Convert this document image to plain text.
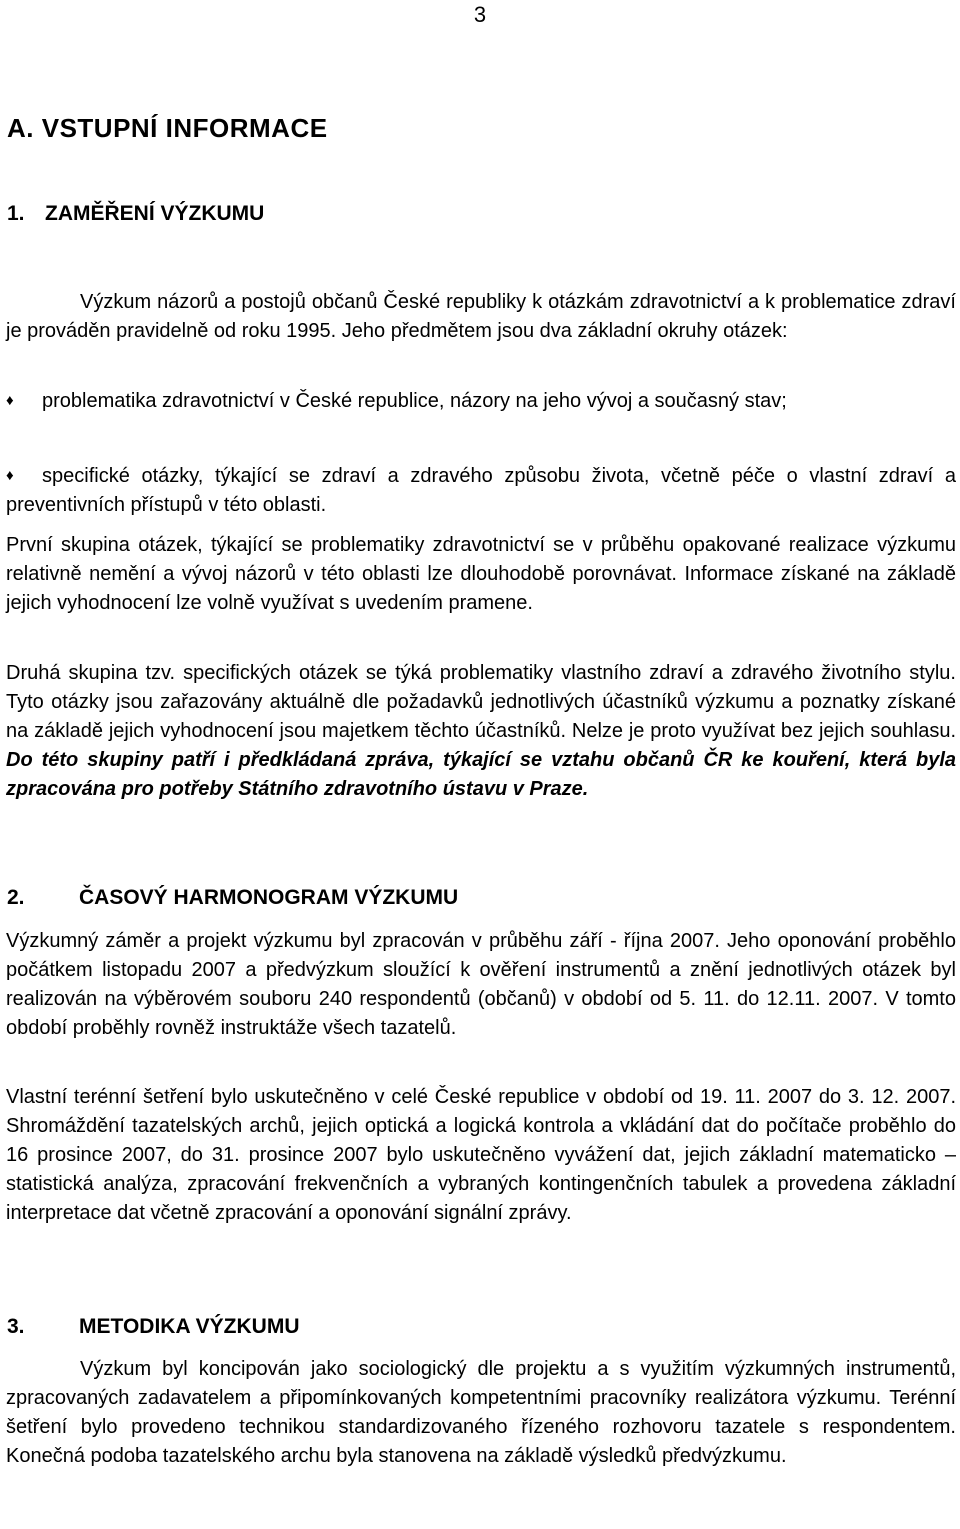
3
A. VSTUPNÍ INFORMACE
1. ZAMĚŘENÍ VÝZKUMU

Výzkum názorů a postojů občanů České republiky k otázkám zdravotnictví a k problematice zdraví je prováděn pravidelně od roku 1995. Jeho předmětem jsou dva základní okruhy otázek:

♦ problematika zdravotnictví v České republice, názory na jeho vývoj a současný stav;

♦ specifické otázky, týkající se zdraví a zdravého způsobu života, včetně péče o vlastní zdraví a preventivních přístupů v této oblasti.

První skupina otázek, týkající se problematiky zdravotnictví se v průběhu opakované realizace výzkumu relativně nemění a vývoj názorů v této oblasti lze dlouhodobě porovnávat. Informace získané na základě jejich vyhodnocení lze volně využívat s uvedením pramene.

Druhá skupina tzv. specifických otázek se týká problematiky vlastního zdraví a zdravého životního stylu. Tyto otázky jsou zařazovány aktuálně dle požadavků jednotlivých účastníků výzkumu a poznatky získané na základě jejich vyhodnocení jsou majetkem těchto účastníků. Nelze je proto využívat bez jejich souhlasu. Do této skupiny patří i předkládaná zpráva, týkající se vztahu občanů ČR ke kouření, která byla zpracována pro potřeby Státního zdravotního ústavu v Praze.

2.	ČASOVÝ HARMONOGRAM VÝZKUMU

Výzkumný záměr a projekt výzkumu byl zpracován v průběhu září - října 2007. Jeho oponování proběhlo počátkem listopadu 2007 a předvýzkum sloužící k ověření instrumentů a znění jednotlivých otázek byl realizován na výběrovém souboru 240 respondentů (občanů) v období od 5. 11. do 12.11. 2007. V tomto období proběhly rovněž instruktáže všech tazatelů.

Vlastní terénní šetření bylo uskutečněno v celé České republice v období od 19. 11. 2007 do 3. 12. 2007. Shromáždění tazatelských archů, jejich optická a logická kontrola a vkládání dat do počítače proběhlo do 16 prosince 2007, do 31. prosince 2007 bylo uskutečněno vyvážení dat, jejich základní matematicko – statistická analýza, zpracování frekvenčních a vybraných kontingenčních tabulek a provedena základní interpretace dat včetně zpracování a oponování signální zprávy.

3.	METODIKA VÝZKUMU

Výzkum byl koncipován jako sociologický dle projektu a s využitím výzkumných instrumentů, zpracovaných zadavatelem a připomínkovaných kompetentními pracovníky realizátora výzkumu. Terénní šetření bylo provedeno technikou standardizovaného řízeného rozhovoru tazatele s respondentem. Konečná podoba tazatelského archu byla stanovena na základě výsledků předvýzkumu.
